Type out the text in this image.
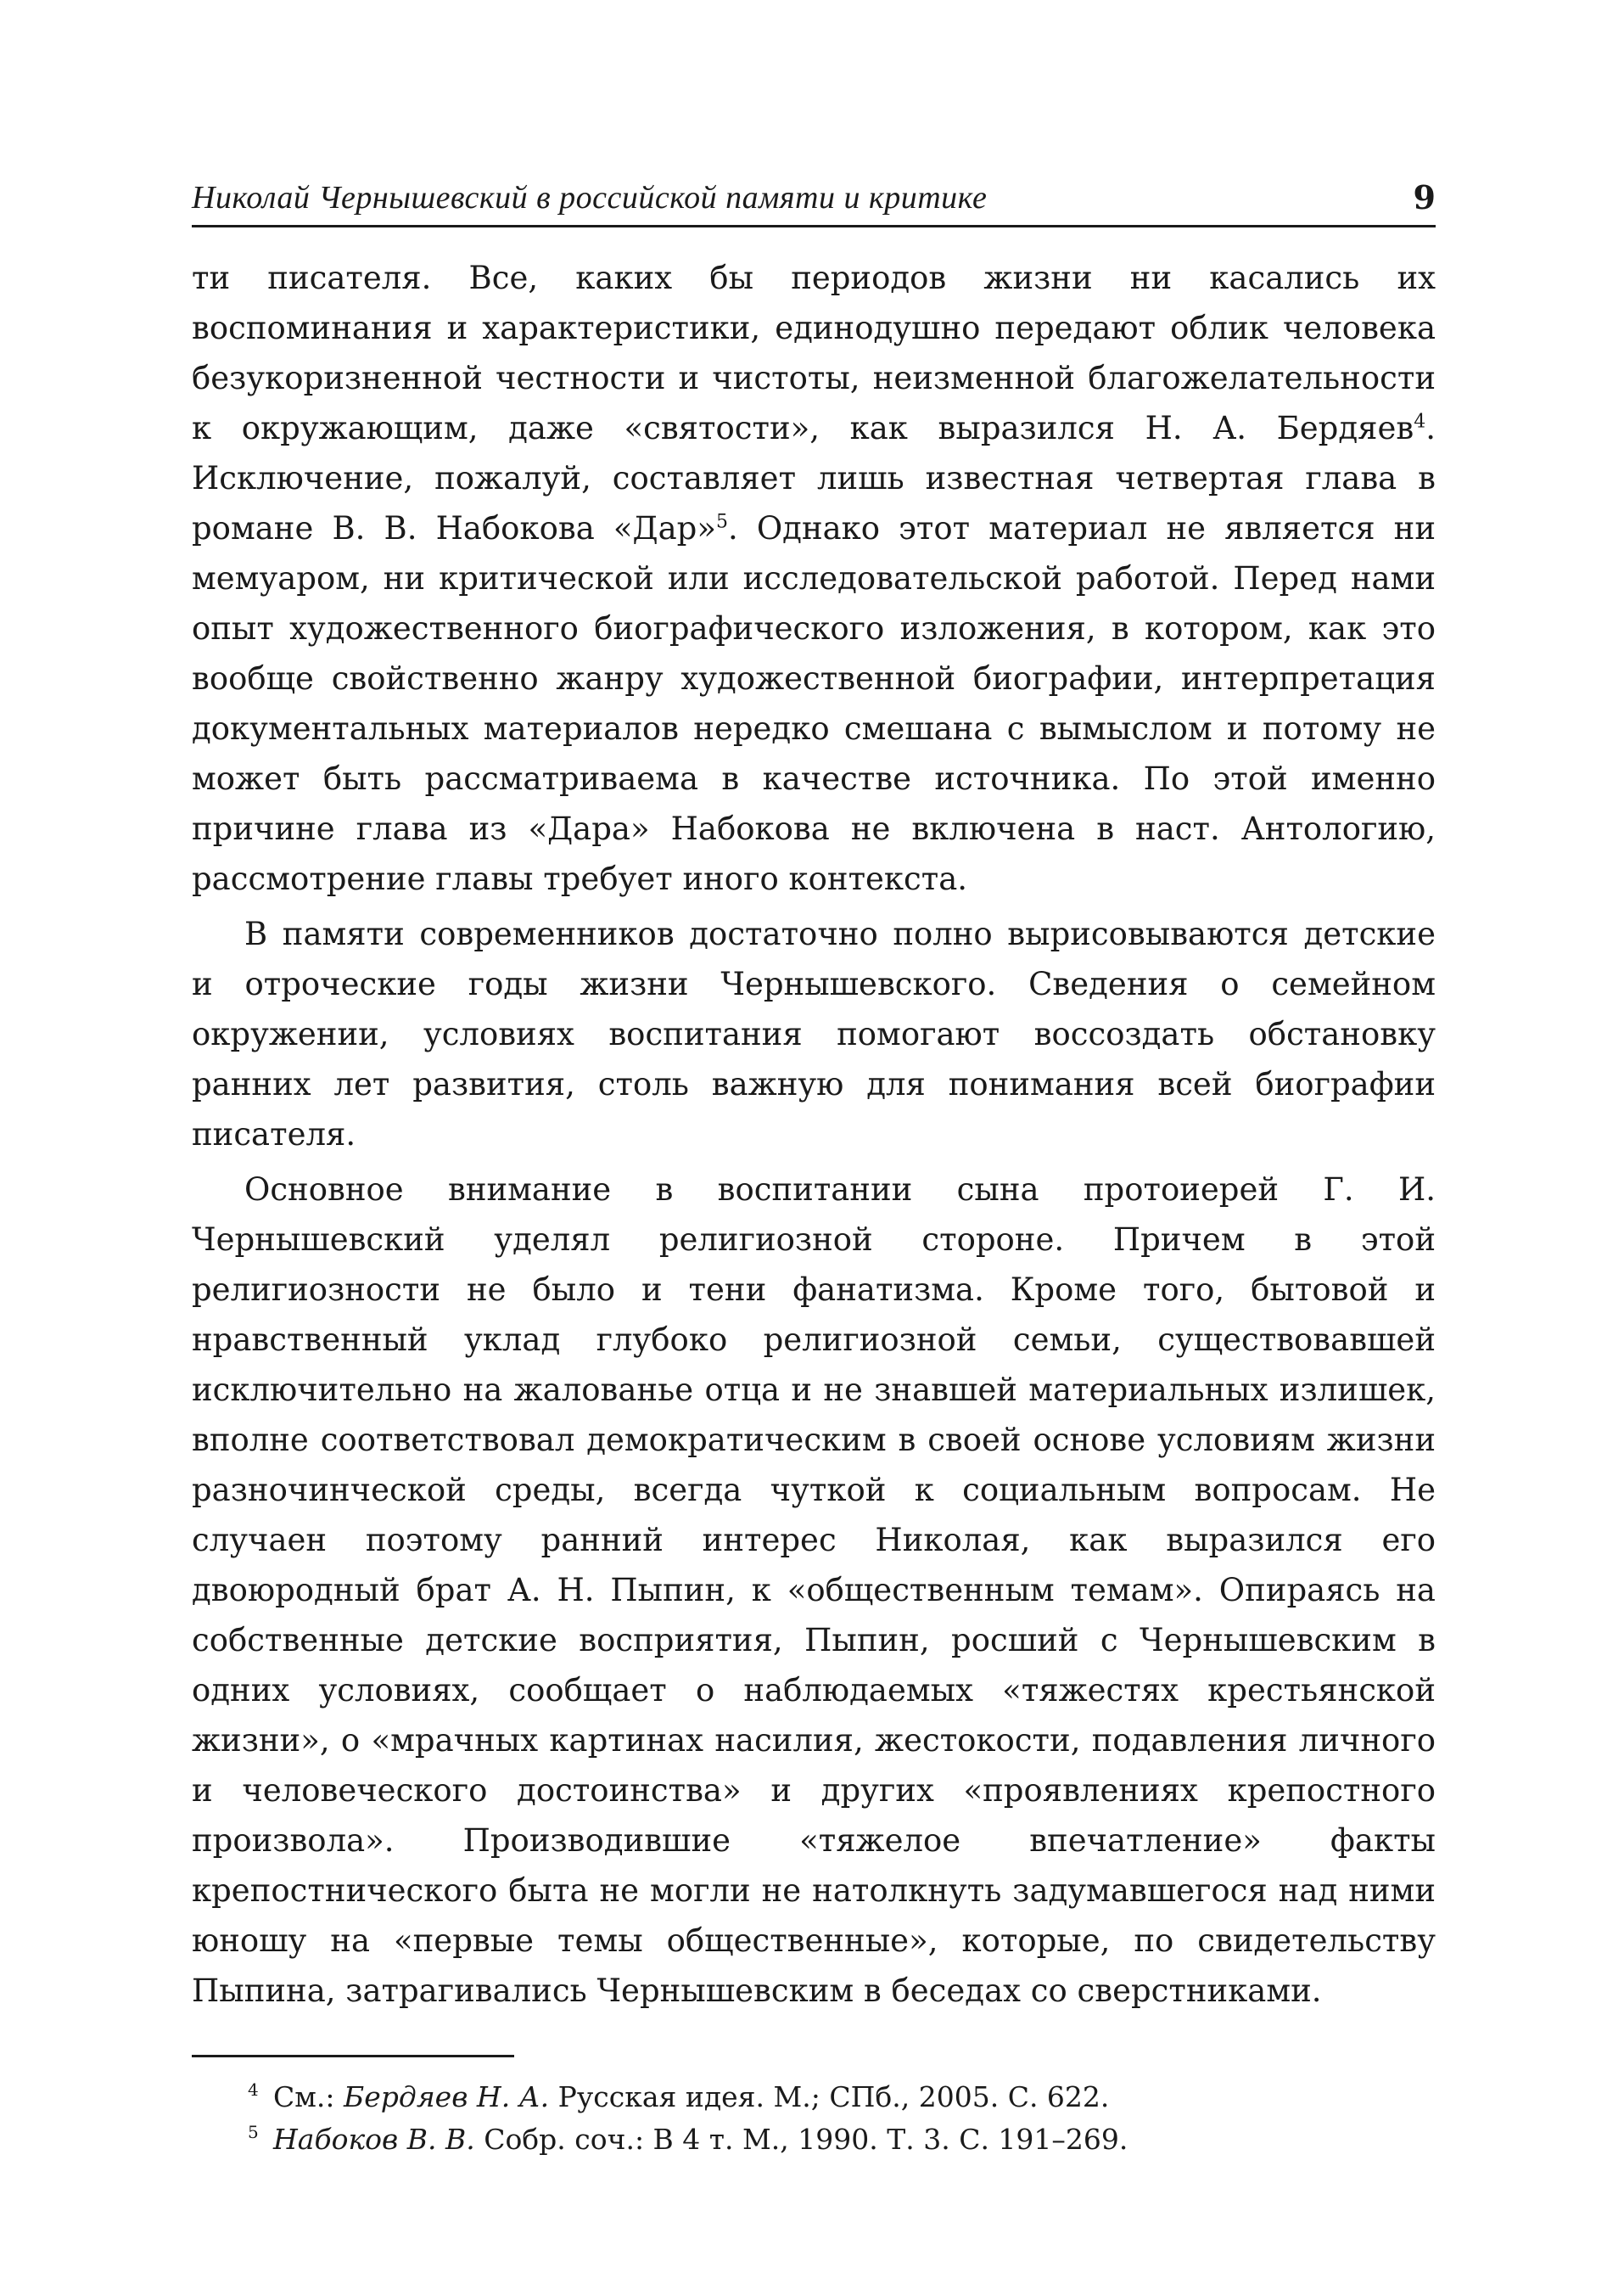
Николай Чернышевский в российской памяти и критике	9

ти писателя. Все, каких бы периодов жизни ни касались их воспоминания и характеристики, единодушно передают облик человека безукоризненной честности и чистоты, неизменной благожелательности к окружающим, даже «святости», как выразился Н. А. Бердяев$^4$. Исключение, пожалуй, составляет лишь известная четвертая глава в романе В. В. Набокова «Дар»$^5$. Однако этот материал не является ни мемуаром, ни критической или исследовательской работой. Перед нами опыт художественного биографического изложения, в котором, как это вообще свойственно жанру художественной биографии, интерпретация документальных материалов нередко смешана с вымыслом и потому не может быть рассматриваема в качестве источника. По этой именно причине глава из «Дара» Набокова не включена в наст. Антологию, рассмотрение главы требует иного контекста.

В памяти современников достаточно полно вырисовываются детские и отроческие годы жизни Чернышевского. Сведения о семейном окружении, условиях воспитания помогают воссоздать обстановку ранних лет развития, столь важную для понимания всей биографии писателя.

Основное внимание в воспитании сына протоиерей Г. И. Чернышевский уделял религиозной стороне. Причем в этой религиозности не было и тени фанатизма. Кроме того, бытовой и нравственный уклад глубоко религиозной семьи, существовавшей исключительно на жалованье отца и не знавшей материальных излишек, вполне соответствовал демократическим в своей основе условиям жизни разночинческой среды, всегда чуткой к социальным вопросам. Не случаен поэтому ранний интерес Николая, как выразился его двоюродный брат А. Н. Пыпин, к «общественным темам». Опираясь на собственные детские восприятия, Пыпин, росший с Чернышевским в одних условиях, сообщает о наблюдаемых «тяжестях крестьянской жизни», о «мрачных картинах насилия, жестокости, подавления личного и человеческого достоинства» и других «проявлениях крепостного произвола». Производившие «тяжелое впечатление» факты крепостнического быта не могли не натолкнуть задумавшегося над ними юношу на «первые темы общественные», которые, по свидетельству Пыпина, затрагивались Чернышевским в беседах со сверстниками.

4 См.: Бердяев Н. А. Русская идея. М.; СПб., 2005. С. 622.
5 Набоков В. В. Собр. соч.: В 4 т. М., 1990. Т. 3. С. 191–269.
